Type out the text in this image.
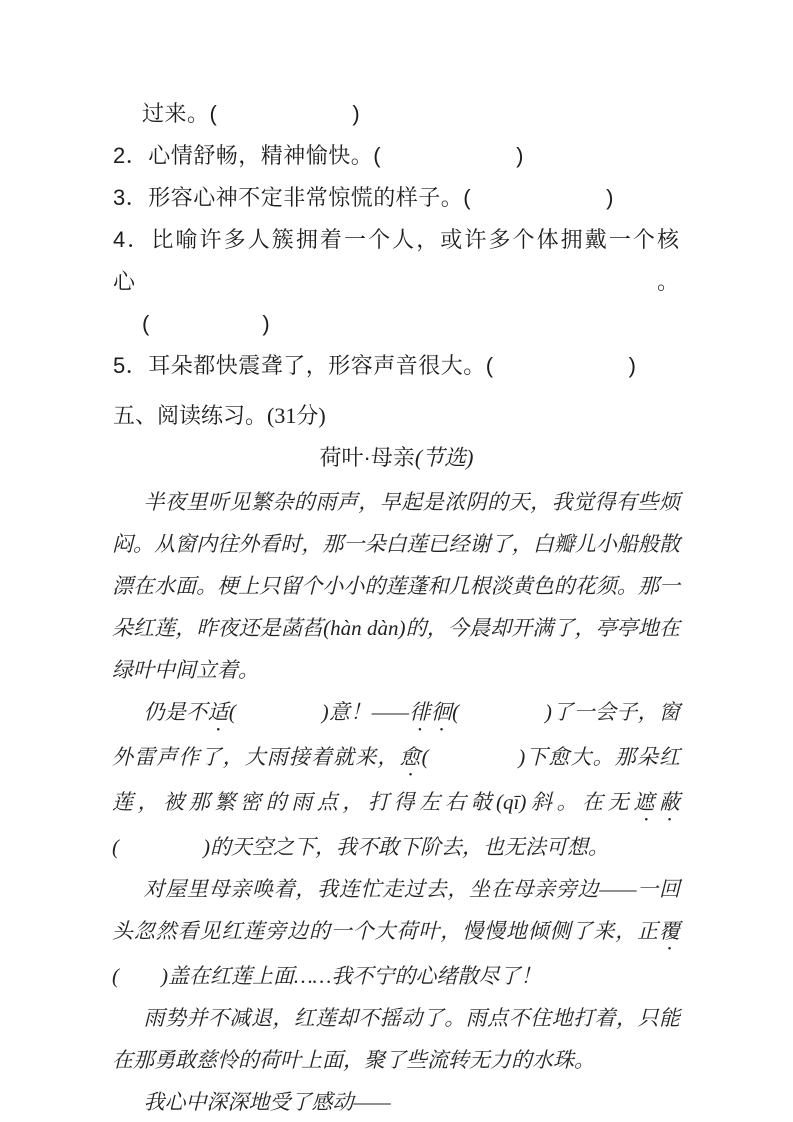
过来。(　　　　　　)
2．心情舒畅，精神愉快。(　　　　　　)
3．形容心神不定非常惊慌的样子。(　　　　　　)
4．比喻许多人簇拥着一个人，或许多个体拥戴一个核心。
(　　　　　)
5．耳朵都快震聋了，形容声音很大。(　　　　　　)
五、阅读练习。(31分)
荷叶·母亲(节选)

半夜里听见繁杂的雨声，早起是浓阴的天，我觉得有些烦闷。从窗内往外看时，那一朵白莲已经谢了，白瓣儿小船般散漂在水面。梗上只留个小小的莲蓬和几根淡黄色的花须。那一朵红莲，昨夜还是菡萏(hàn dàn)的，今晨却开满了，亭亭地在绿叶中间立着。

仍是不适(　　　　)意！——徘徊(　　　　)了一会子，窗外雷声作了，大雨接着就来，愈(　　　　)下愈大。那朵红莲，被那繁密的雨点，打得左右攲(qī)斜。在无遮蔽(　　　　)的天空之下，我不敢下阶去，也无法可想。

对屋里母亲唤着，我连忙走过去，坐在母亲旁边——一回头忽然看见红莲旁边的一个大荷叶，慢慢地倾侧了来，正覆(　　)盖在红莲上面……我不宁的心绪散尽了！

雨势并不减退，红莲却不摇动了。雨点不住地打着，只能在那勇敢慈怜的荷叶上面，聚了些流转无力的水珠。

我心中深深地受了感动——
